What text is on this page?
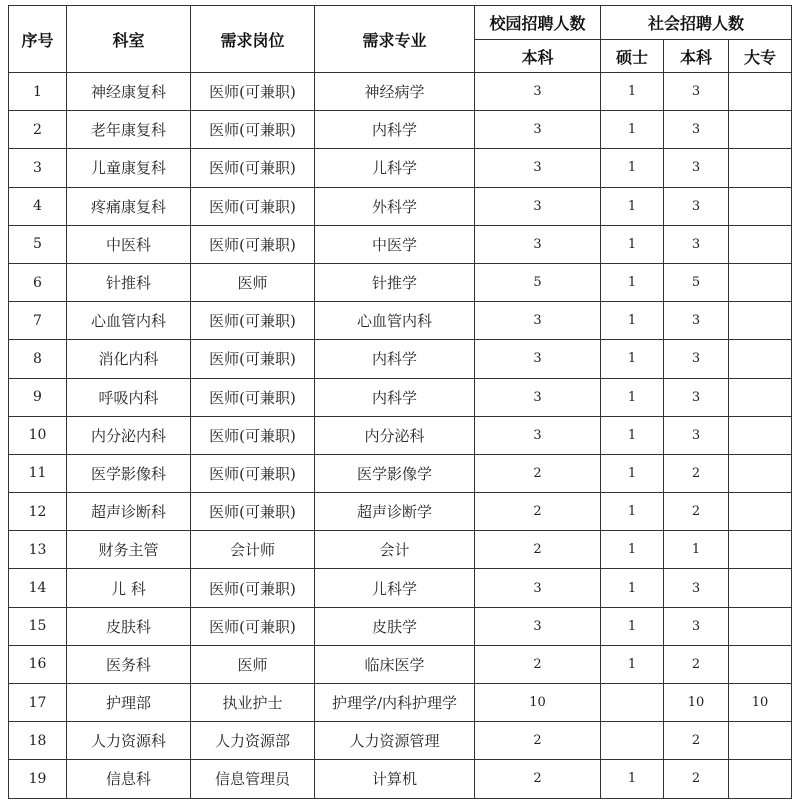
序号	科室	需求岗位	需求专业	校园招聘人数	社会招聘人数		
				本科	硕士	本科	大专
1	神经康复科	医师(可兼职)	神经病学	3	1	3	
2	老年康复科	医师(可兼职)	内科学	3	1	3	
3	儿童康复科	医师(可兼职)	儿科学	3	1	3	
4	疼痛康复科	医师(可兼职)	外科学	3	1	3	
5	中医科	医师(可兼职)	中医学	3	1	3	
6	针推科	医师	针推学	5	1	5	
7	心血管内科	医师(可兼职)	心血管内科	3	1	3	
8	消化内科	医师(可兼职)	内科学	3	1	3	
9	呼吸内科	医师(可兼职)	内科学	3	1	3	
10	内分泌内科	医师(可兼职)	内分泌科	3	1	3	
11	医学影像科	医师(可兼职)	医学影像学	2	1	2	
12	超声诊断科	医师(可兼职)	超声诊断学	2	1	2	
13	财务主管	会计师	会计	2	1	1	
14	儿 科	医师(可兼职)	儿科学	3	1	3	
15	皮肤科	医师(可兼职)	皮肤学	3	1	3	
16	医务科	医师	临床医学	2	1	2	
17	护理部	执业护士	护理学/内科护理学	10		10	10
18	人力资源科	人力资源部	人力资源管理	2		2	
19	信息科	信息管理员	计算机	2	1	2	
